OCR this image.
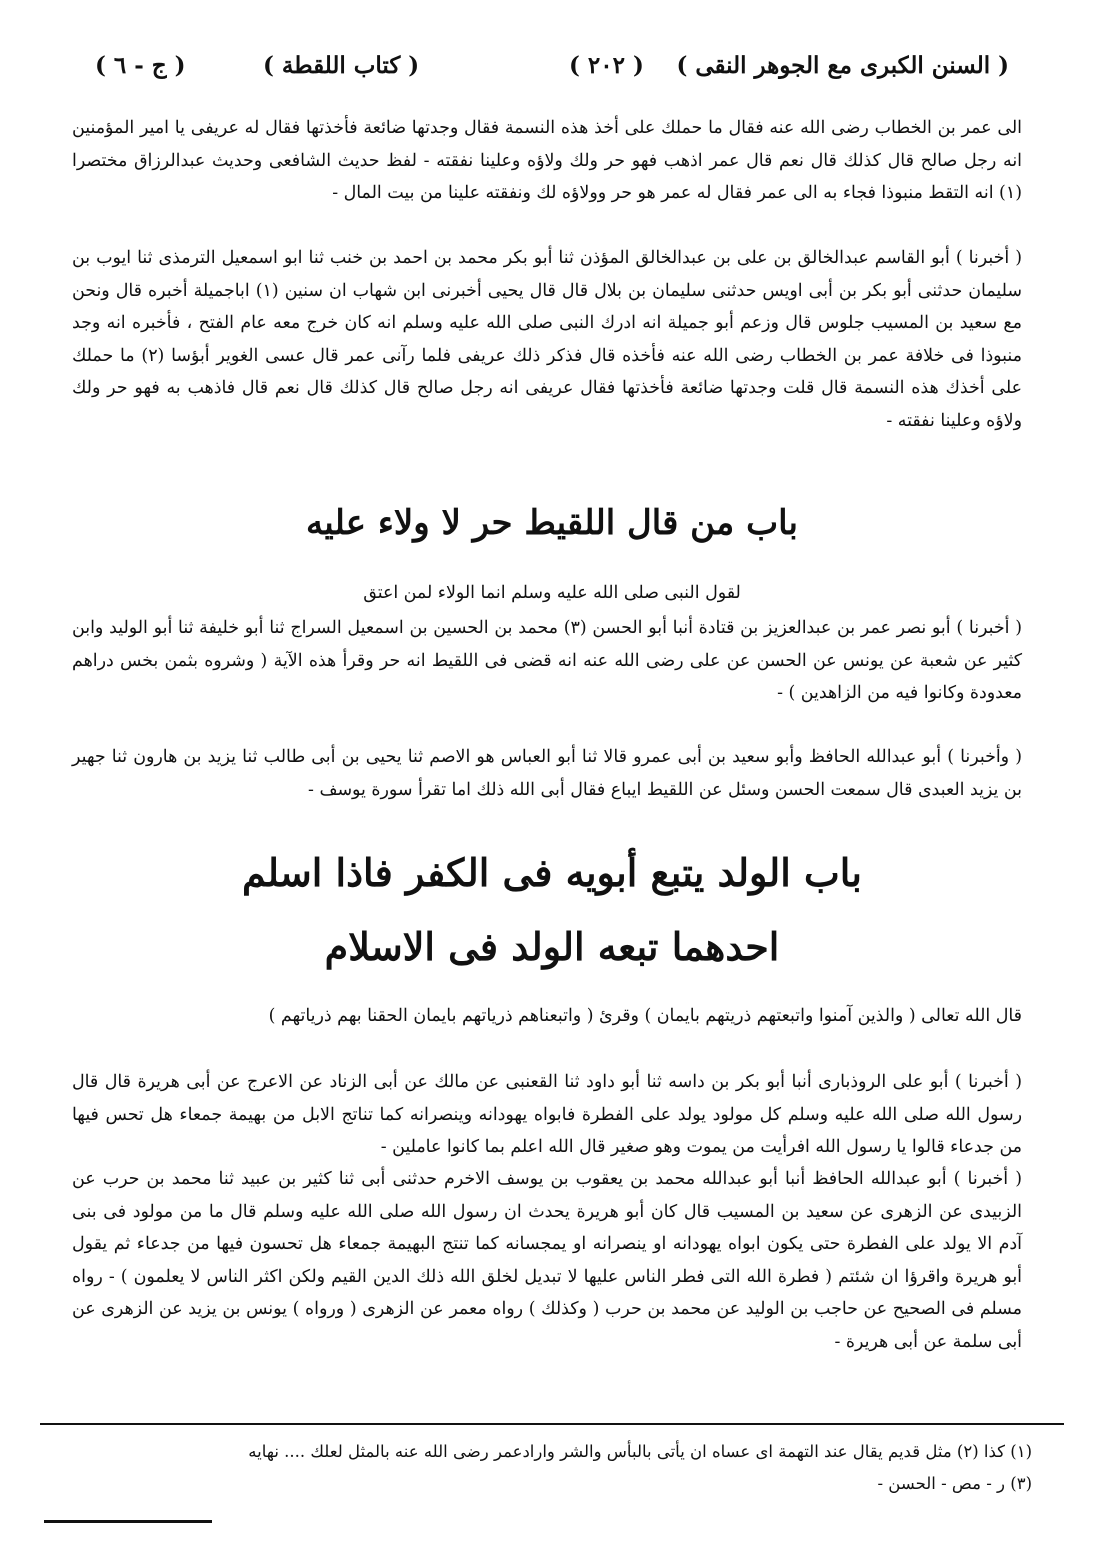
( السنن الكبرى مع الجوهر النقى )
( ٢٠٢ )
( كتاب اللقطة )
( ج - ٦ )
الى عمر بن الخطاب رضى الله عنه فقال ما حملك على أخذ هذه النسمة فقال وجدتها ضائعة فأخذتها فقال له عريفى يا امير المؤمنين انه رجل صالح قال كذلك قال نعم قال عمر اذهب فهو حر ولك ولاؤه وعلينا نفقته - لفظ حديث الشافعى وحديث عبدالرزاق مختصرا (١) انه التقط منبوذا فجاء به الى عمر فقال له عمر هو حر وولاؤه لك ونفقته علينا من بيت المال -
( أخبرنا ) أبو القاسم عبدالخالق بن على بن عبدالخالق المؤذن ثنا أبو بكر محمد بن احمد بن خنب ثنا ابو اسمعيل الترمذى ثنا ايوب بن سليمان حدثنى أبو بكر بن أبى اويس حدثنى سليمان بن بلال قال قال يحيى أخبرنى ابن شهاب ان سنين (١) اباجميلة أخبره قال ونحن مع سعيد بن المسيب جلوس قال وزعم أبو جميلة انه ادرك النبى صلى الله عليه وسلم انه كان خرج معه عام الفتح ، فأخبره انه وجد منبوذا فى خلافة عمر بن الخطاب رضى الله عنه فأخذه قال فذكر ذلك عريفى فلما رآنى عمر قال عسى الغوير أبؤسا (٢) ما حملك على أخذك هذه النسمة قال قلت وجدتها ضائعة فأخذتها فقال عريفى انه رجل صالح قال كذلك قال نعم قال فاذهب به فهو حر ولك ولاؤه وعلينا نفقته -
باب من قال اللقيط حر لا ولاء عليه
لقول النبى صلى الله عليه وسلم انما الولاء لمن اعتق
( أخبرنا ) أبو نصر عمر بن عبدالعزيز بن قتادة أنبا أبو الحسن (٣) محمد بن الحسين بن اسمعيل السراج ثنا أبو خليفة ثنا أبو الوليد وابن كثير عن شعبة عن يونس عن الحسن عن على رضى الله عنه انه قضى فى اللقيط انه حر وقرأ هذه الآية ( وشروه بثمن بخس دراهم معدودة وكانوا فيه من الزاهدين ) -
( وأخبرنا ) أبو عبدالله الحافظ وأبو سعيد بن أبى عمرو قالا ثنا أبو العباس هو الاصم ثنا يحيى بن أبى طالب ثنا يزيد بن هارون ثنا جهير بن يزيد العبدى قال سمعت الحسن وسئل عن اللقيط ايباع فقال أبى الله ذلك اما تقرأ سورة يوسف -
باب الولد يتبع أبويه فى الكفر فاذا اسلم
احدهما تبعه الولد فى الاسلام
قال الله تعالى ( والذين آمنوا واتبعتهم ذريتهم بايمان ) وقرئ ( واتبعناهم ذرياتهم بايمان الحقنا بهم ذرياتهم )
( أخبرنا ) أبو على الروذبارى أنبا أبو بكر بن داسه ثنا أبو داود ثنا القعنبى عن مالك عن أبى الزناد عن الاعرج عن أبى هريرة قال قال رسول الله صلى الله عليه وسلم كل مولود يولد على الفطرة فابواه يهودانه وينصرانه كما تناتج الابل من بهيمة جمعاء هل تحس فيها من جدعاء قالوا يا رسول الله افرأيت من يموت وهو صغير قال الله اعلم بما كانوا عاملين -
( أخبرنا ) أبو عبدالله الحافظ أنبا أبو عبدالله محمد بن يعقوب بن يوسف الاخرم حدثنى أبى ثنا كثير بن عبيد ثنا محمد بن حرب عن الزبيدى عن الزهرى عن سعيد بن المسيب قال كان أبو هريرة يحدث ان رسول الله صلى الله عليه وسلم قال ما من مولود فى بنى آدم الا يولد على الفطرة حتى يكون ابواه يهودانه او ينصرانه او يمجسانه كما تنتج البهيمة جمعاء هل تحسون فيها من جدعاء ثم يقول أبو هريرة واقرؤا ان شئتم ( فطرة الله التى فطر الناس عليها لا تبديل لخلق الله ذلك الدين القيم ولكن اكثر الناس لا يعلمون ) - رواه مسلم فى الصحيح عن حاجب بن الوليد عن محمد بن حرب ( وكذلك ) رواه معمر عن الزهرى ( ورواه ) يونس بن يزيد عن الزهرى عن أبى سلمة عن أبى هريرة -
(١) كذا (٢) مثل قديم يقال عند التهمة اى عساه ان يأتى بالبأس والشر وارادعمر رضى الله عنه بالمثل لعلك .... نهايه
(٣) ر - مص - الحسن -
